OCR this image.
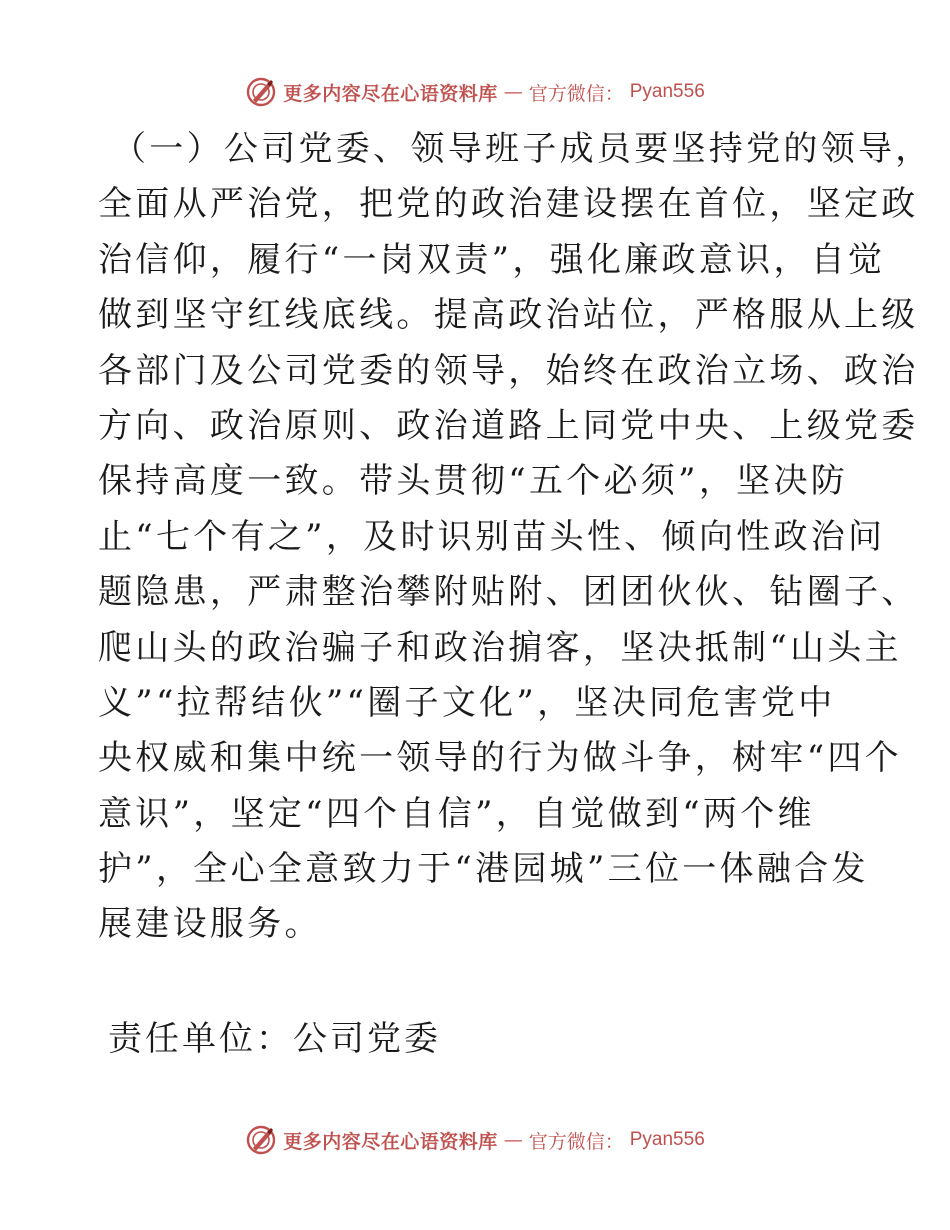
更多内容尽在心语资料库 — 官方微信： Pyan556
（一）公司党委、领导班子成员要坚持党的领导，
全面从严治党，把党的政治建设摆在首位，坚定政
治信仰，履行“一岗双责”，强化廉政意识，自觉
做到坚守红线底线。提高政治站位，严格服从上级
各部门及公司党委的领导，始终在政治立场、政治
方向、政治原则、政治道路上同党中央、上级党委
保持高度一致。带头贯彻“五个必须”，坚决防
止“七个有之”，及时识别苗头性、倾向性政治问
题隐患，严肃整治攀附贴附、团团伙伙、钻圈子、
爬山头的政治骗子和政治掮客，坚决抵制“山头主
义”“拉帮结伙”“圈子文化”，坚决同危害党中
央权威和集中统一领导的行为做斗争，树牢“四个
意识”，坚定“四个自信”，自觉做到“两个维
护”，全心全意致力于“港园城”三位一体融合发
展建设服务。
责任单位：公司党委
更多内容尽在心语资料库 — 官方微信： Pyan556
